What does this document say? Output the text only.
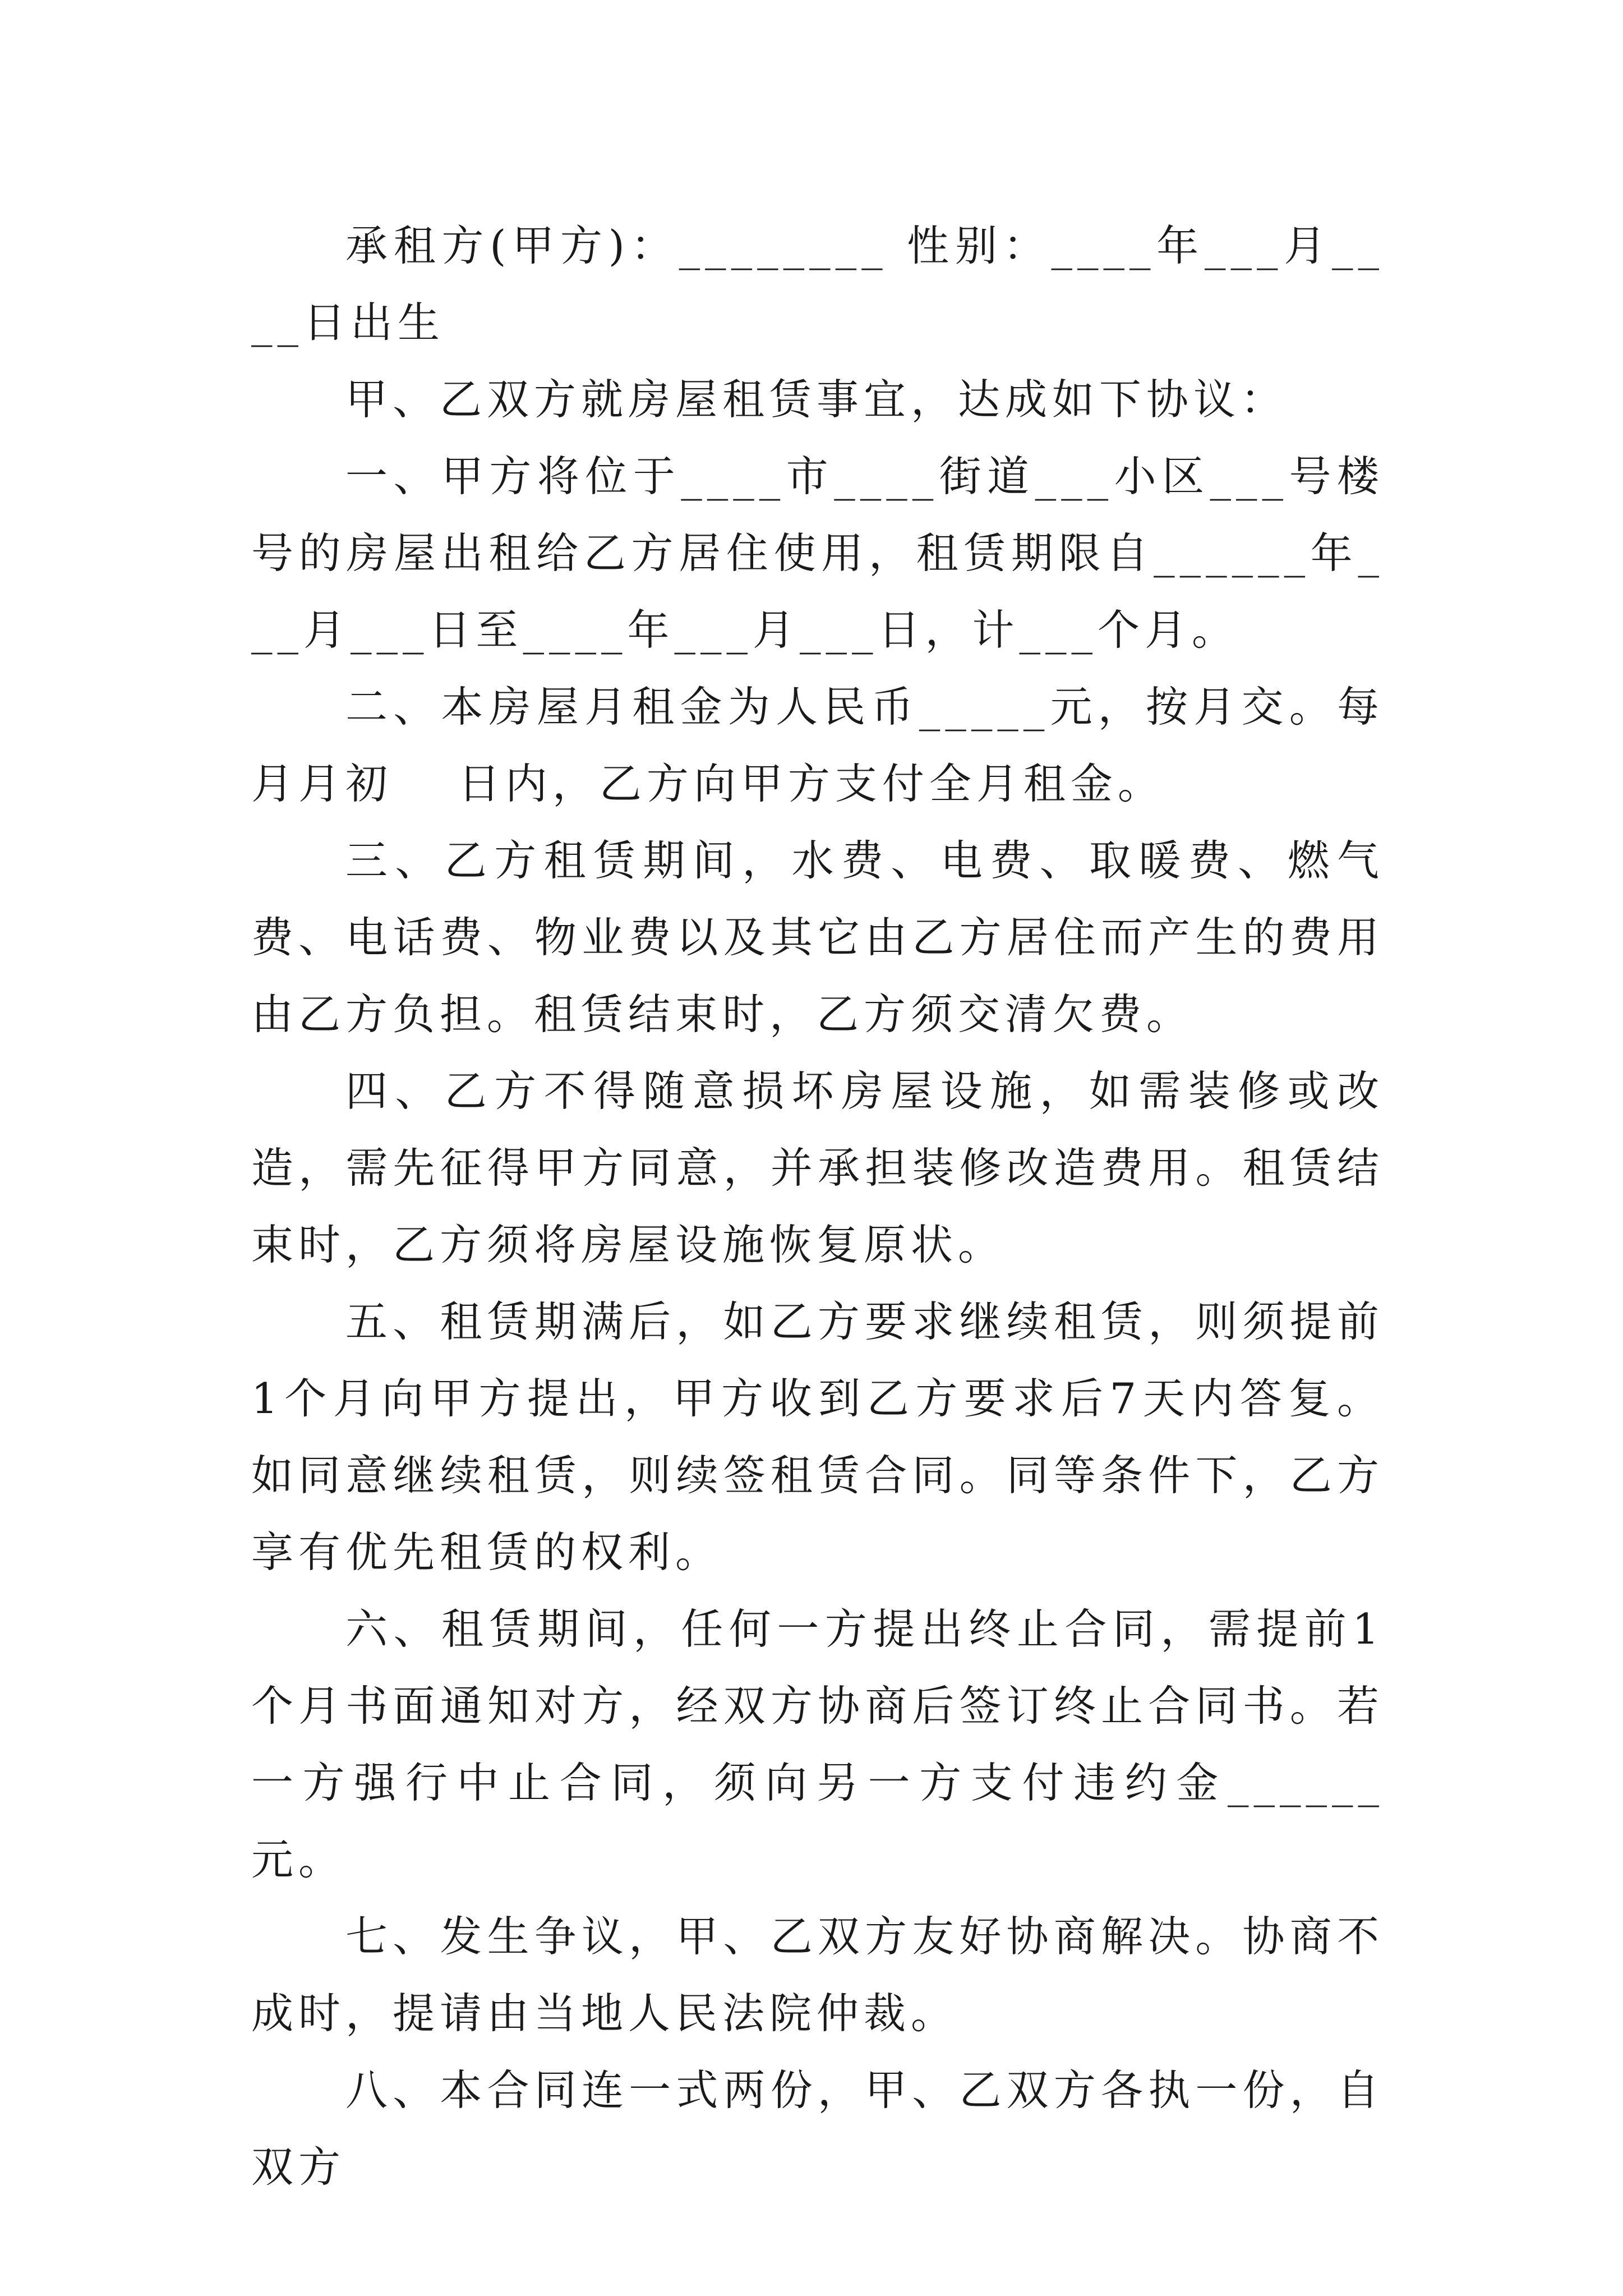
承租方(甲方)：________ 性别：____年___月____日出生

甲、乙双方就房屋租赁事宜，达成如下协议：

一、甲方将位于____市____街道___小区___号楼号的房屋出租给乙方居住使用，租赁期限自______年___月___日至____年___月___日，计___个月。

二、本房屋月租金为人民币_____元，按月交。每月月初　 日内，乙方向甲方支付全月租金。

三、乙方租赁期间，水费、电费、取暖费、燃气费、电话费、物业费以及其它由乙方居住而产生的费用由乙方负担。租赁结束时，乙方须交清欠费。

四、乙方不得随意损坏房屋设施，如需装修或改造，需先征得甲方同意，并承担装修改造费用。租赁结束时，乙方须将房屋设施恢复原状。

五、租赁期满后，如乙方要求继续租赁，则须提前 1个月向甲方提出，甲方收到乙方要求后7天内答复。如同意继续租赁，则续签租赁合同。同等条件下，乙方享有优先租赁的权利。

六、租赁期间，任何一方提出终止合同，需提前1个月书面通知对方，经双方协商后签订终止合同书。若一方强行中止合同，须向另一方支付违约金______元。

七、发生争议，甲、乙双方友好协商解决。协商不成时，提请由当地人民法院仲裁。

八、本合同连一式两份，甲、乙双方各执一份，自双方
